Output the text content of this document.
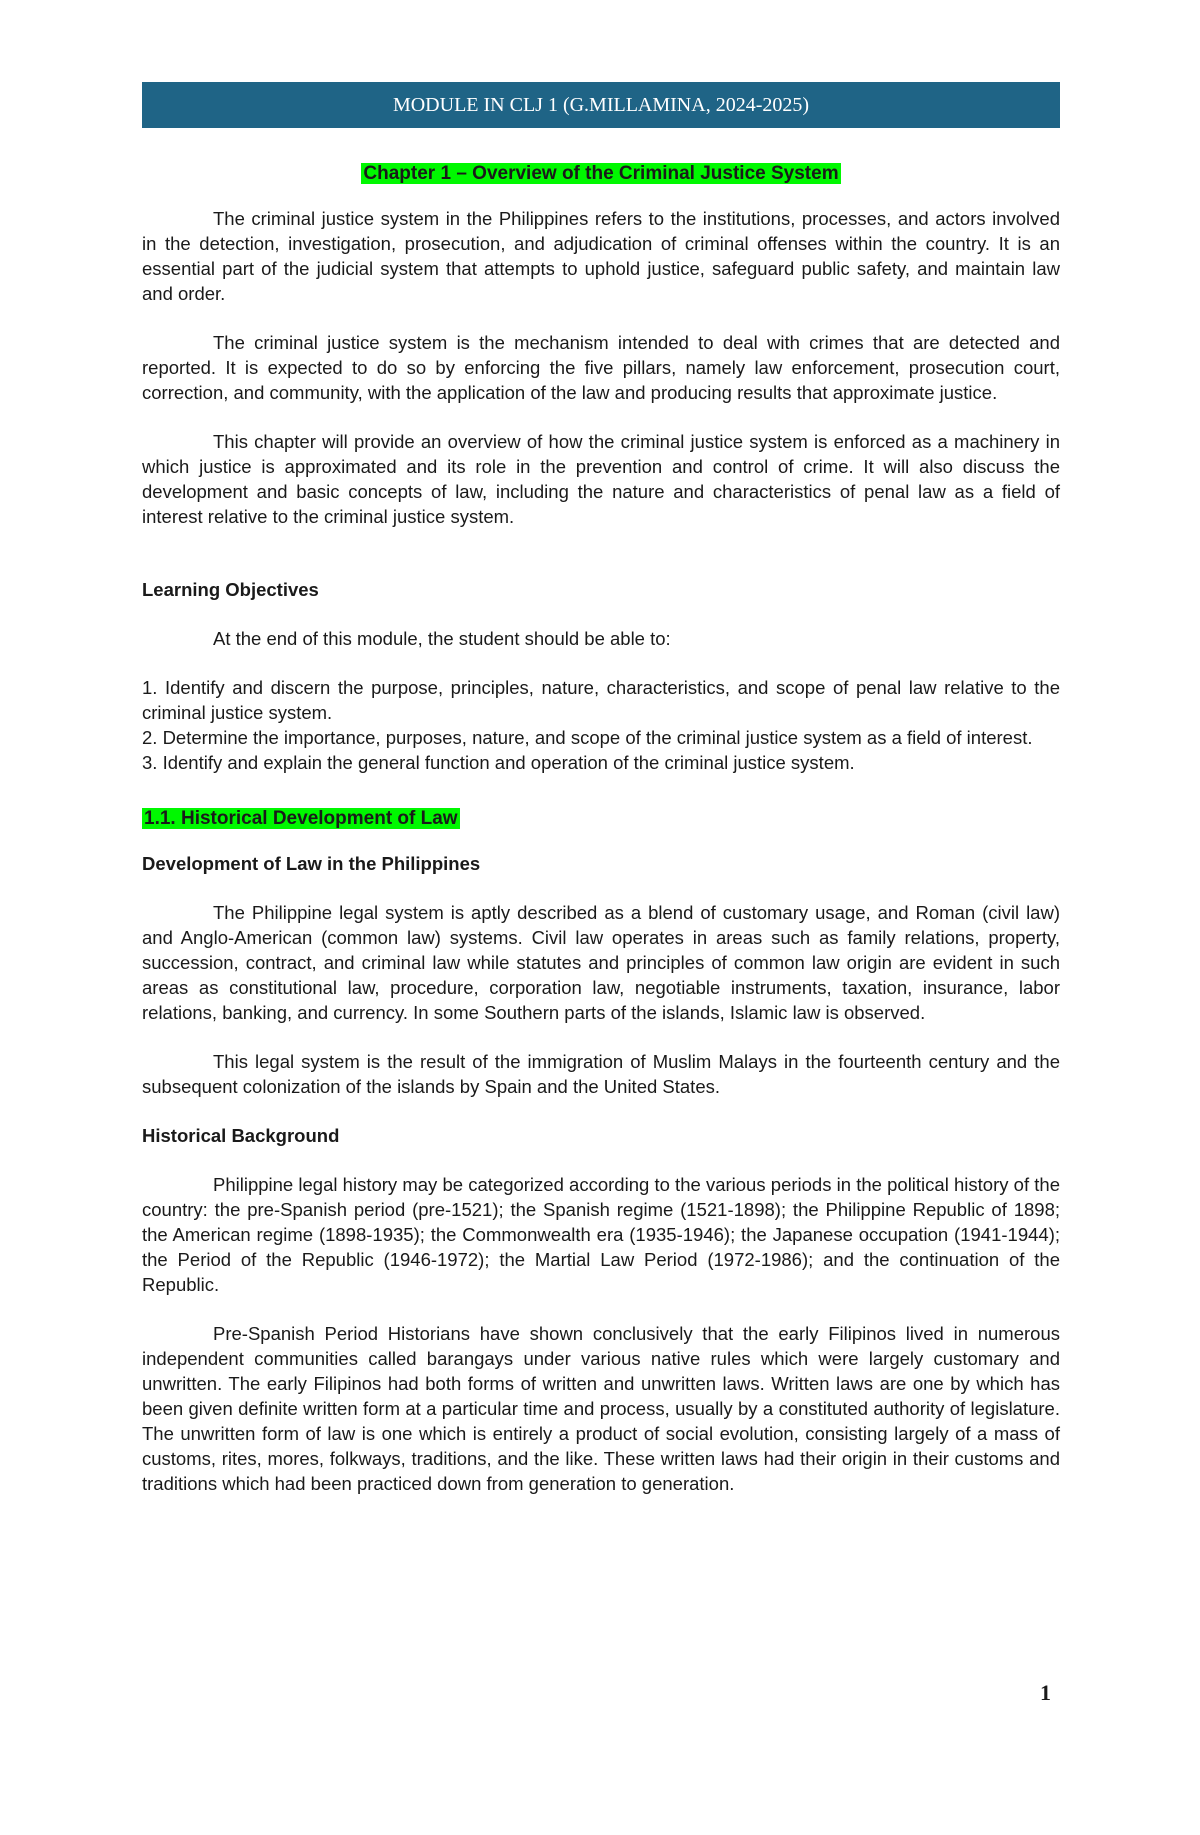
MODULE IN CLJ 1 (G.MILLAMINA, 2024-2025)
Chapter 1 – Overview of the Criminal Justice System

The criminal justice system in the Philippines refers to the institutions, processes, and actors involved in the detection, investigation, prosecution, and adjudication of criminal offenses within the country. It is an essential part of the judicial system that attempts to uphold justice, safeguard public safety, and maintain law and order.

The criminal justice system is the mechanism intended to deal with crimes that are detected and reported. It is expected to do so by enforcing the five pillars, namely law enforcement, prosecution court, correction, and community, with the application of the law and producing results that approximate justice.

This chapter will provide an overview of how the criminal justice system is enforced as a machinery in which justice is approximated and its role in the prevention and control of crime. It will also discuss the development and basic concepts of law, including the nature and characteristics of penal law as a field of interest relative to the criminal justice system.

Learning Objectives

At the end of this module, the student should be able to:

1. Identify and discern the purpose, principles, nature, characteristics, and scope of penal law relative to the criminal justice system.

2. Determine the importance, purposes, nature, and scope of the criminal justice system as a field of interest.

3. Identify and explain the general function and operation of the criminal justice system.

1.1. Historical Development of Law
Development of Law in the Philippines

The Philippine legal system is aptly described as a blend of customary usage, and Roman (civil law) and Anglo-American (common law) systems. Civil law operates in areas such as family relations, property, succession, contract, and criminal law while statutes and principles of common law origin are evident in such areas as constitutional law, procedure, corporation law, negotiable instruments, taxation, insurance, labor relations, banking, and currency. In some Southern parts of the islands, Islamic law is observed.

This legal system is the result of the immigration of Muslim Malays in the fourteenth century and the subsequent colonization of the islands by Spain and the United States.

Historical Background

Philippine legal history may be categorized according to the various periods in the political history of the country: the pre-Spanish period (pre-1521); the Spanish regime (1521-1898); the Philippine Republic of 1898; the American regime (1898-1935); the Commonwealth era (1935-1946); the Japanese occupation (1941-1944); the Period of the Republic (1946-1972); the Martial Law Period (1972-1986); and the continuation of the Republic.

Pre-Spanish Period Historians have shown conclusively that the early Filipinos lived in numerous independent communities called barangays under various native rules which were largely customary and unwritten. The early Filipinos had both forms of written and unwritten laws. Written laws are one by which has been given definite written form at a particular time and process, usually by a constituted authority of legislature. The unwritten form of law is one which is entirely a product of social evolution, consisting largely of a mass of customs, rites, mores, folkways, traditions, and the like. These written laws had their origin in their customs and traditions which had been practiced down from generation to generation.

1
